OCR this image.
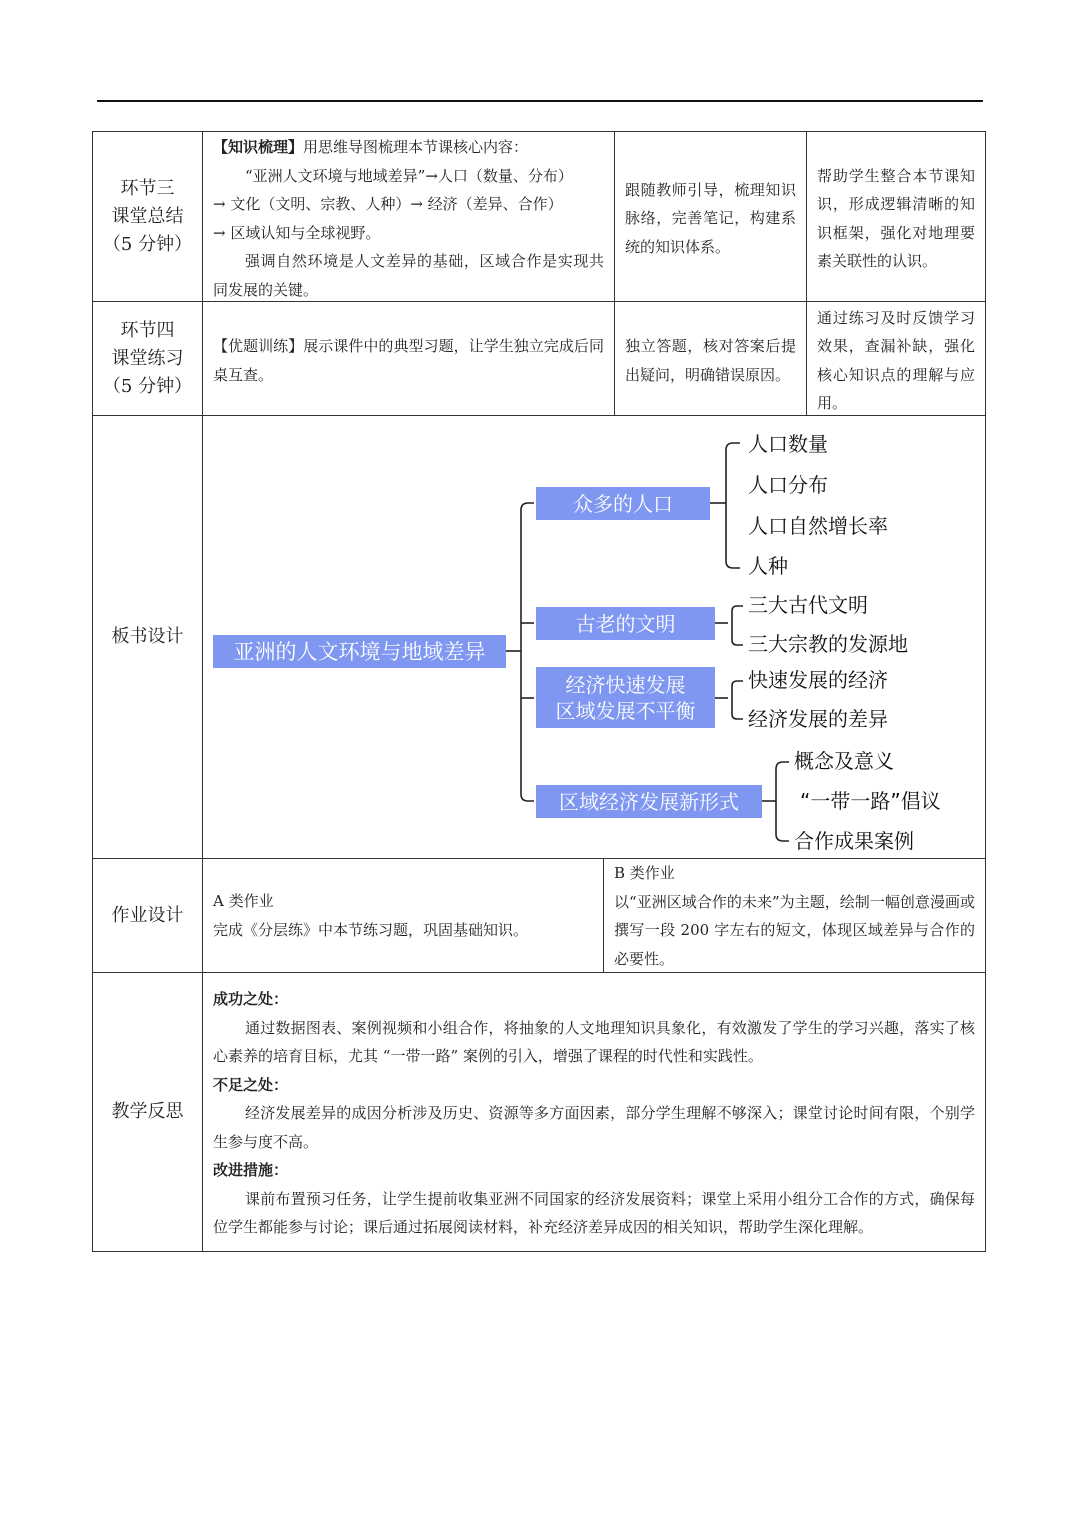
环节三
课堂总结
（5 分钟）

【知识梳理】用思维导图梳理本节课核心内容：

“亚洲人文环境与地域差异”→人口（数量、分布）

→ 文化（文明、宗教、人种）→ 经济（差异、合作）

→ 区域认知与全球视野。

强调自然环境是人文差异的基础，区域合作是实现共同发展的关键。

跟随教师引导，梳理知识脉络，完善笔记，构建系统的知识体系。

帮助学生整合本节课知识，形成逻辑清晰的知识框架，强化对地理要素关联性的认识。

环节四
课堂练习
（5 分钟）

【优题训练】展示课件中的典型习题，让学生独立完成后同桌互查。

独立答题，核对答案后提出疑问，明确错误原因。

通过练习及时反馈学习效果，查漏补缺，强化核心知识点的理解与应用。

板书设计
亚洲的人文环境与地域差异
众多的人口
古老的文明
经济快速发展
区域发展不平衡
区域经济发展新形式
人口数量
人口分布
人口自然增长率
人种
三大古代文明
三大宗教的发源地
快速发展的经济
经济发展的差异
概念及意义
“一带一路”倡议
合作成果案例
作业设计

A 类作业

完成《分层练》中本节练习题，巩固基础知识。

B 类作业

以“亚洲区域合作的未来”为主题，绘制一幅创意漫画或撰写一段 200 字左右的短文，体现区域差异与合作的必要性。

教学反思

成功之处：

通过数据图表、案例视频和小组合作，将抽象的人文地理知识具象化，有效激发了学生的学习兴趣，落实了核心素养的培育目标，尤其 “一带一路” 案例的引入，增强了课程的时代性和实践性。

不足之处：

经济发展差异的成因分析涉及历史、资源等多方面因素，部分学生理解不够深入；课堂讨论时间有限，个别学生参与度不高。

改进措施：

课前布置预习任务，让学生提前收集亚洲不同国家的经济发展资料；课堂上采用小组分工合作的方式，确保每位学生都能参与讨论；课后通过拓展阅读材料，补充经济差异成因的相关知识，帮助学生深化理解。
